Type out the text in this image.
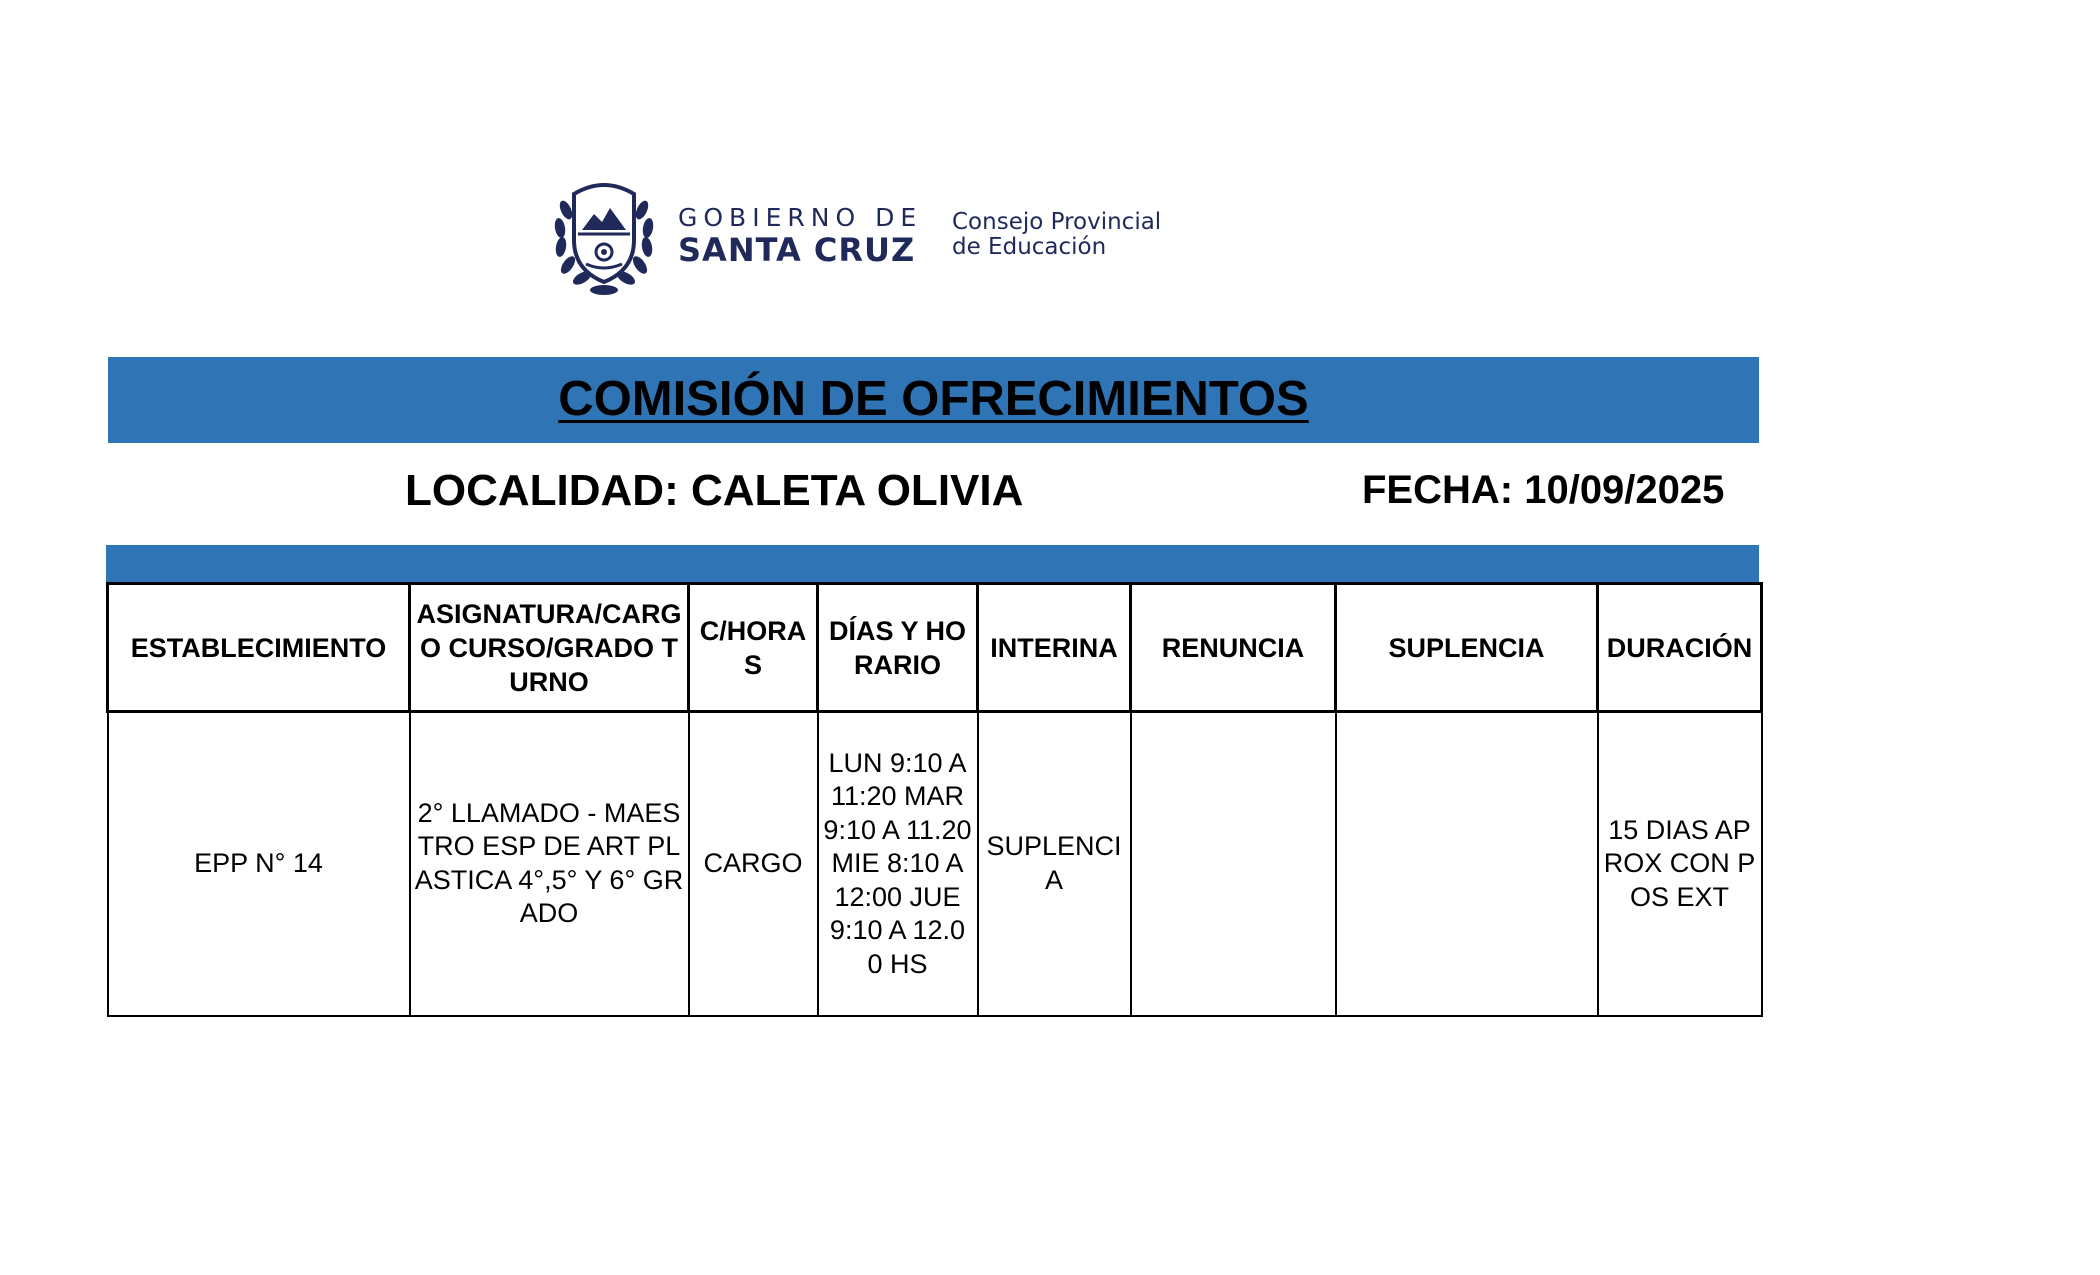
GOBIERNO DE
SANTA CRUZ
Consejo Provincial
de Educación
COMISIÓN DE OFRECIMIENTOS
LOCALIDAD: CALETA OLIVIA	FECHA: 10/09/2025
ESTABLECIMIENTO	ASIGNATURA/CARGO CURSO/GRADO TURNO	C/HORAS	DÍAS Y HORARIO	INTERINA	RENUNCIA	SUPLENCIA	DURACIÓN
EPP N° 14	2° LLAMADO - MAESTRO ESP DE ART PLASTICA 4°,5° Y 6° GRADO	CARGO	LUN 9:10 A 11:20 MAR 9:10 A 11.20 MIE 8:10 A 12:00 JUE 9:10 A 12.00 HS	SUPLENCIA			15 DIAS APROX CON POS EXT
